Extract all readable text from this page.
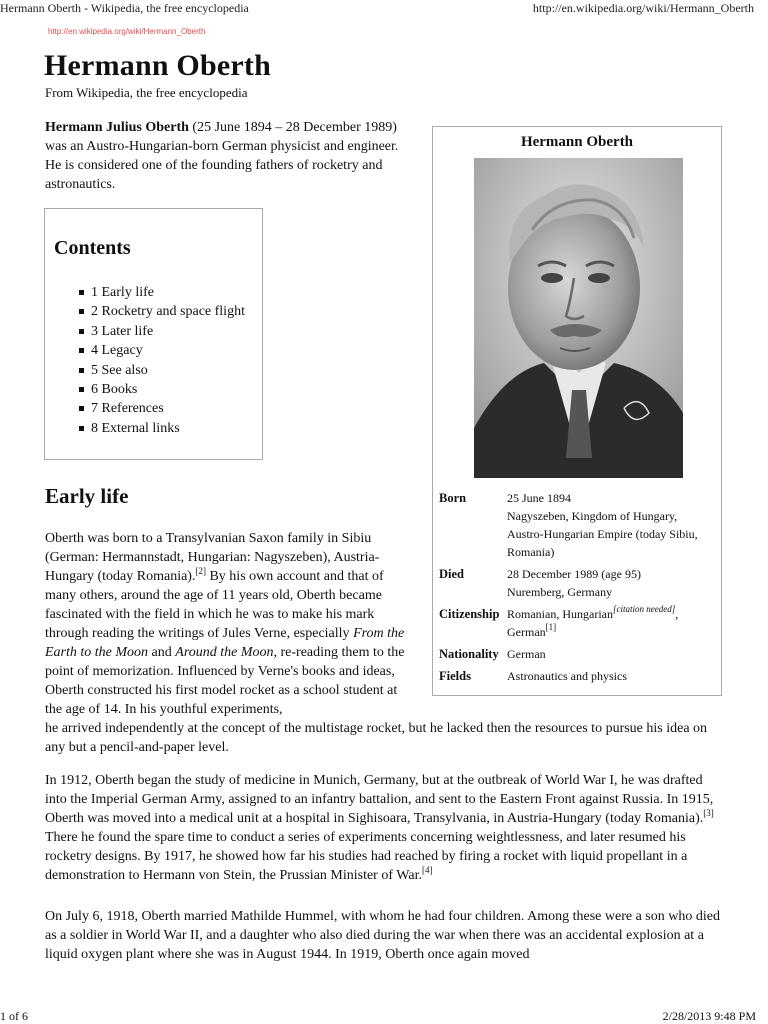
Hermann Oberth - Wikipedia, the free encyclopedia	http://en.wikipedia.org/wiki/Hermann_Oberth
http://en.wikipedia.org/wiki/Hermann_Oberth
Hermann Oberth
From Wikipedia, the free encyclopedia
Hermann Julius Oberth (25 June 1894 – 28 December 1989) was an Austro-Hungarian-born German physicist and engineer. He is considered one of the founding fathers of rocketry and astronautics.
Contents
1 Early life
2 Rocketry and space flight
3 Later life
4 Legacy
5 See also
6 Books
7 References
8 External links
Early life
Oberth was born to a Transylvanian Saxon family in Sibiu (German: Hermannstadt, Hungarian: Nagyszeben), Austria-Hungary (today Romania).[2] By his own account and that of many others, around the age of 11 years old, Oberth became fascinated with the field in which he was to make his mark through reading the writings of Jules Verne, especially From the Earth to the Moon and Around the Moon, re-reading them to the point of memorization. Influenced by Verne's books and ideas, Oberth constructed his first model rocket as a school student at the age of 14. In his youthful experiments,
he arrived independently at the concept of the multistage rocket, but he lacked then the resources to pursue his idea on any but a pencil-and-paper level.
In 1912, Oberth began the study of medicine in Munich, Germany, but at the outbreak of World War I, he was drafted into the Imperial German Army, assigned to an infantry battalion, and sent to the Eastern Front against Russia. In 1915, Oberth was moved into a medical unit at a hospital in Sighisoara, Transylvania, in Austria-Hungary (today Romania).[3] There he found the spare time to conduct a series of experiments concerning weightlessness, and later resumed his rocketry designs. By 1917, he showed how far his studies had reached by firing a rocket with liquid propellant in a demonstration to Hermann von Stein, the Prussian Minister of War.[4]
On July 6, 1918, Oberth married Mathilde Hummel, with whom he had four children. Among these were a son who died as a soldier in World War II, and a daughter who also died during the war when there was an accidental explosion at a liquid oxygen plant where she was in August 1944. In 1919, Oberth once again moved
Hermann Oberth
Born	25 June 1894
Nagyszeben, Kingdom of Hungary, Austro-Hungarian Empire (today Sibiu, Romania)
Died	28 December 1989 (age 95)
Nuremberg, Germany
Citizenship	Romanian, Hungarian[citation needed], German[1]
Nationality	German
Fields	Astronautics and physics
1 of 6	2/28/2013 9:48 PM
